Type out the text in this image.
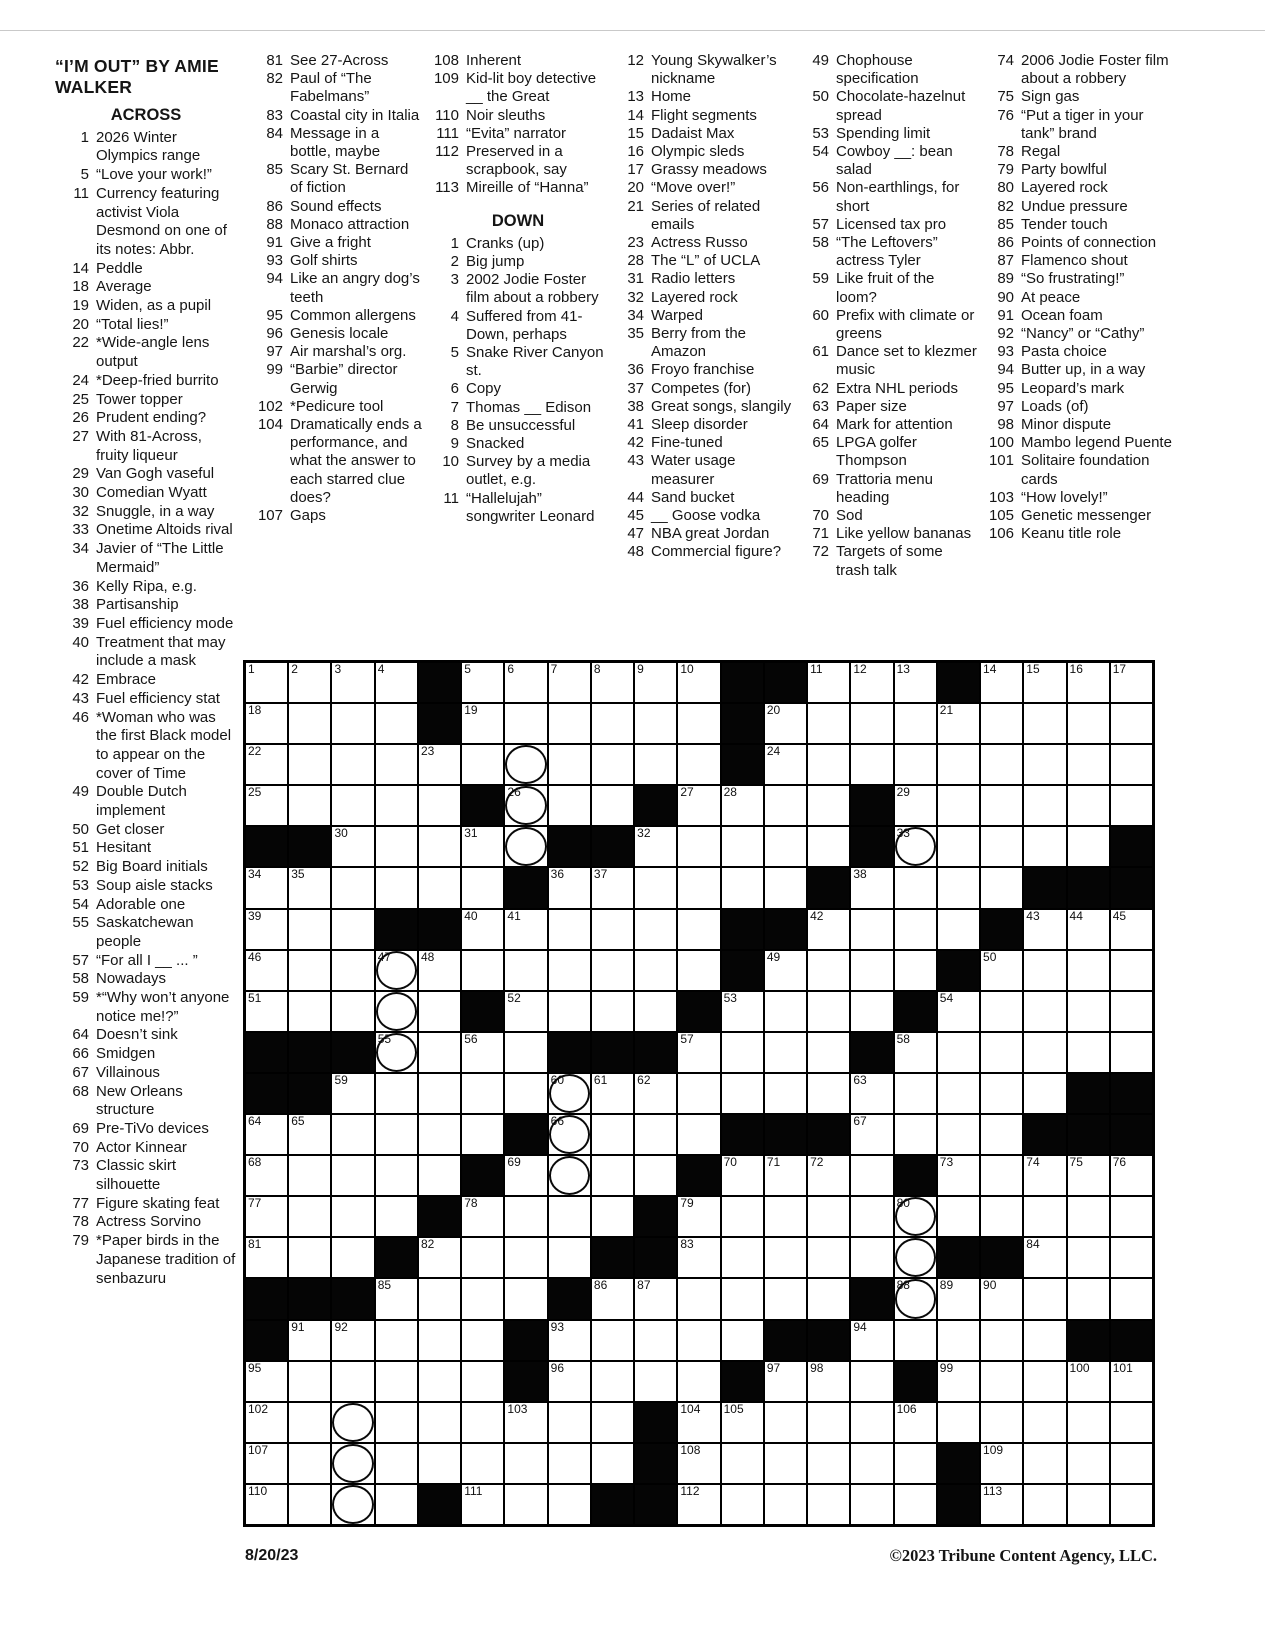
“I’M OUT” BY AMIE WALKER
ACROSS
1 2026 Winter Olympics range
5 “Love your work!”
11 Currency featuring activist Viola Desmond on one of its notes: Abbr.
14 Peddle
18 Average
19 Widen, as a pupil
20 “Total lies!”
22 *Wide-angle lens output
24 *Deep-fried burrito
25 Tower topper
26 Prudent ending?
27 With 81-Across, fruity liqueur
29 Van Gogh vaseful
30 Comedian Wyatt
32 Snuggle, in a way
33 Onetime Altoids rival
34 Javier of “The Little Mermaid”
36 Kelly Ripa, e.g.
38 Partisanship
39 Fuel efficiency mode
40 Treatment that may include a mask
42 Embrace
43 Fuel efficiency stat
46 *Woman who was the first Black model to appear on the cover of Time
49 Double Dutch implement
50 Get closer
51 Hesitant
52 Big Board initials
53 Soup aisle stacks
54 Adorable one
55 Saskatchewan people
57 “For all I __ ... ”
58 Nowadays
59 *“Why won’t anyone notice me!?”
64 Doesn’t sink
66 Smidgen
67 Villainous
68 New Orleans structure
69 Pre-TiVo devices
70 Actor Kinnear
73 Classic skirt silhouette
77 Figure skating feat
78 Actress Sorvino
79 *Paper birds in the Japanese tradition of senbazuru
81 See 27-Across
82 Paul of “The Fabelmans”
83 Coastal city in Italia
84 Message in a bottle, maybe
85 Scary St. Bernard of fiction
86 Sound effects
88 Monaco attraction
91 Give a fright
93 Golf shirts
94 Like an angry dog’s teeth
95 Common allergens
96 Genesis locale
97 Air marshal’s org.
99 “Barbie” director Gerwig
102 *Pedicure tool
104 Dramatically ends a performance, and what the answer to each starred clue does?
107 Gaps
108 Inherent
109 Kid-lit boy detective __ the Great
110 Noir sleuths
111 “Evita” narrator
112 Preserved in a scrapbook, say
113 Mireille of “Hanna”
DOWN
1 Cranks (up)
2 Big jump
3 2002 Jodie Foster film about a robbery
4 Suffered from 41-Down, perhaps
5 Snake River Canyon st.
6 Copy
7 Thomas __ Edison
8 Be unsuccessful
9 Snacked
10 Survey by a media outlet, e.g.
11 “Hallelujah” songwriter Leonard
12 Young Skywalker’s nickname
13 Home
14 Flight segments
15 Dadaist Max
16 Olympic sleds
17 Grassy meadows
20 “Move over!”
21 Series of related emails
23 Actress Russo
28 The “L” of UCLA
31 Radio letters
32 Layered rock
34 Warped
35 Berry from the Amazon
36 Froyo franchise
37 Competes (for)
38 Great songs, slangily
41 Sleep disorder
42 Fine-tuned
43 Water usage measurer
44 Sand bucket
45 __ Goose vodka
47 NBA great Jordan
48 Commercial figure?
49 Chophouse specification
50 Chocolate-hazelnut spread
53 Spending limit
54 Cowboy __: bean salad
56 Non-earthlings, for short
57 Licensed tax pro
58 “The Leftovers” actress Tyler
59 Like fruit of the loom?
60 Prefix with climate or greens
61 Dance set to klezmer music
62 Extra NHL periods
63 Paper size
64 Mark for attention
65 LPGA golfer Thompson
69 Trattoria menu heading
70 Sod
71 Like yellow bananas
72 Targets of some trash talk
74 2006 Jodie Foster film about a robbery
75 Sign gas
76 “Put a tiger in your tank” brand
78 Regal
79 Party bowlful
80 Layered rock
82 Undue pressure
85 Tender touch
86 Points of connection
87 Flamenco shout
89 “So frustrating!”
90 At peace
91 Ocean foam
92 “Nancy” or “Cathy”
93 Pasta choice
94 Butter up, in a way
95 Leopard’s mark
97 Loads (of)
98 Minor dispute
100 Mambo legend Puente
101 Solitaire foundation cards
103 “How lovely!”
105 Genetic messenger
106 Keanu title role
1	2	3	4	5	6	7	8	9	10	11	12 13	14 15 16 17
18	19	20	21
22	23	24
25	26	27 28	29
30	31	32	33
34 35	36 37	38
39	40 41	42	43 44 45
46	47 48	49	50
51	52	53	54
55	56	57	58
59	60 61 62	63
64 65	66	67
68	69	70 71 72	73	74 75 76
77	78	79	80
81	82	83	84
85	86 87	88 89 90
91 92	93	94
95	96	97 98	99	100 101
102	103	104 105	106
107	108	109
110	111	112	113
8/20/23	©2023 Tribune Content Agency, LLC.
